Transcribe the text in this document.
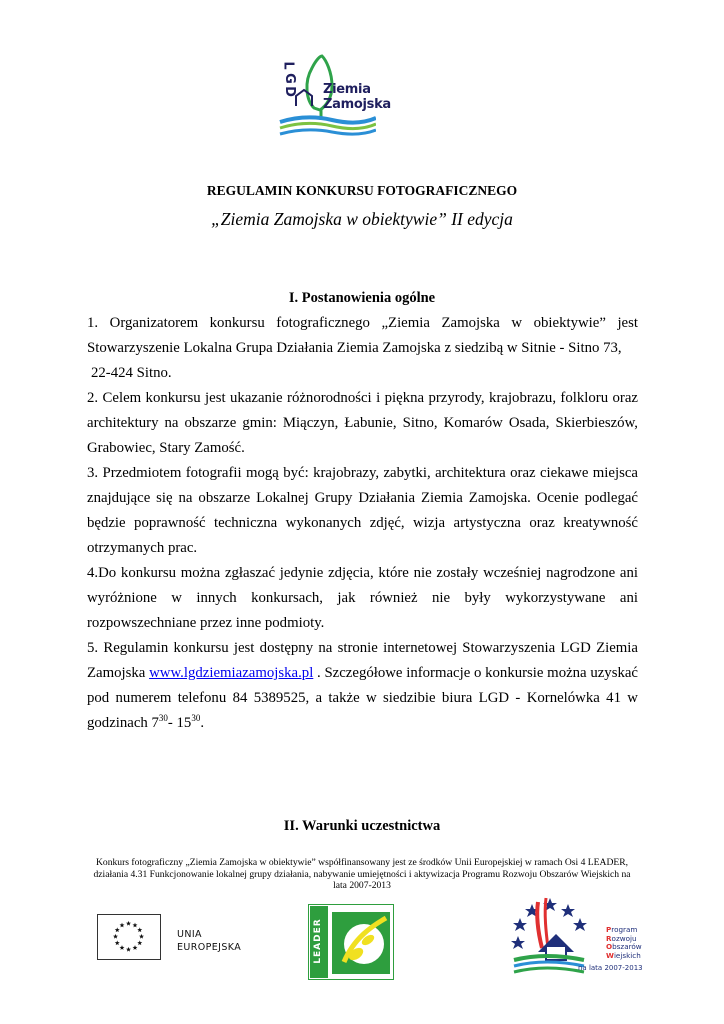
L
G
D Ziemia
Zamojska
REGULAMIN KONKURSU FOTOGRAFICZNEGO
„Ziemia Zamojska w obiektywie” II edycja
I. Postanowienia ogólne

1. Organizatorem konkursu fotograficznego „Ziemia Zamojska w obiektywie” jest Stowarzyszenie Lokalna Grupa Działania Ziemia Zamojska z siedzibą w Sitnie - Sitno 73,

22-424 Sitno.

2. Celem konkursu jest ukazanie różnorodności i piękna przyrody, krajobrazu, folkloru oraz architektury na obszarze gmin: Miączyn, Łabunie, Sitno, Komarów Osada, Skierbieszów, Grabowiec, Stary Zamość.

3. Przedmiotem fotografii mogą być: krajobrazy, zabytki, architektura oraz ciekawe miejsca znajdujące się na obszarze Lokalnej Grupy Działania Ziemia Zamojska. Ocenie podlegać będzie poprawność techniczna wykonanych zdjęć, wizja artystyczna oraz kreatywność otrzymanych prac.

4.Do konkursu można zgłaszać jedynie zdjęcia, które nie zostały wcześniej nagrodzone ani wyróżnione w innych konkursach, jak również nie były wykorzystywane ani rozpowszechniane przez inne podmioty.

5. Regulamin konkursu jest dostępny na stronie internetowej Stowarzyszenia LGD Ziemia Zamojska www.lgdziemiazamojska.pl . Szczegółowe informacje o konkursie można uzyskać pod numerem telefonu 84 5389525, a także w siedzibie biura LGD - Kornelówka 41 w godzinach $7^{30}-$ $15^{30}$.

II. Warunki uczestnictwa
Konkurs fotograficzny „Ziemia Zamojska w obiektywie” współfinansowany jest ze środków Unii Europejskiej w ramach Osi 4 LEADER, działania 4.31 Funkcjonowanie lokalnej grupy działania, nabywanie umiejętności i aktywizacja Programu Rozwoju Obszarów Wiejskich na lata 2007-2013
UNIA
EUROPEJSKA	LEADER	Program
Rozwoju
Obszarów
Wiejskich
na lata 2007-2013
